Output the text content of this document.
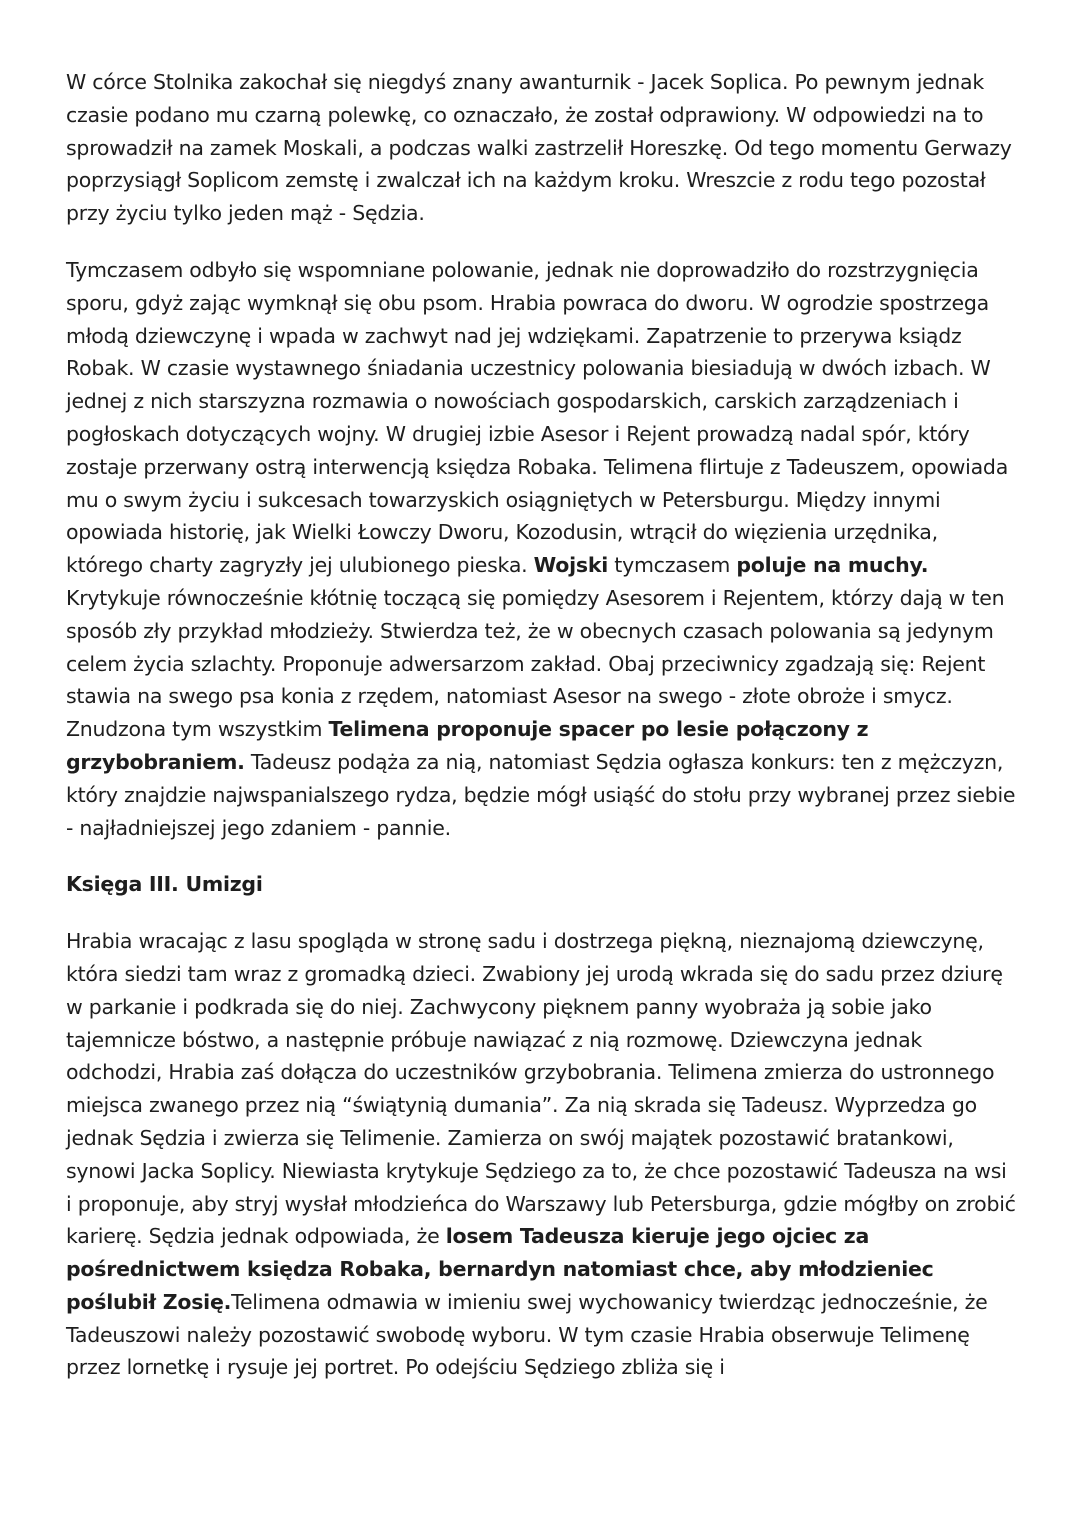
W córce Stolnika zakochał się niegdyś znany awanturnik - Jacek Soplica. Po pewnym jednak czasie podano mu czarną polewkę, co oznaczało, że został odprawiony. W odpowiedzi na to sprowadził na zamek Moskali, a podczas walki zastrzelił Horeszkę. Od tego momentu Gerwazy poprzysiągł Soplicom zemstę i zwalczał ich na każdym kroku. Wreszcie z rodu tego pozostał przy życiu tylko jeden mąż - Sędzia.

Tymczasem odbyło się wspomniane polowanie, jednak nie doprowadziło do rozstrzygnięcia sporu, gdyż zając wymknął się obu psom. Hrabia powraca do dworu. W ogrodzie spostrzega młodą dziewczynę i wpada w zachwyt nad jej wdziękami. Zapatrzenie to przerywa ksiądz Robak. W czasie wystawnego śniadania uczestnicy polowania biesiadują w dwóch izbach. W jednej z nich starszyzna rozmawia o nowościach gospodarskich, carskich zarządzeniach i pogłoskach dotyczących wojny. W drugiej izbie Asesor i Rejent prowadzą nadal spór, który zostaje przerwany ostrą interwencją księdza Robaka. Telimena flirtuje z Tadeuszem, opowiada mu o swym życiu i sukcesach towarzyskich osiągniętych w Petersburgu. Między innymi opowiada historię, jak Wielki Łowczy Dworu, Kozodusin, wtrącił do więzienia urzędnika, którego charty zagryzły jej ulubionego pieska. Wojski tymczasem poluje na muchy. Krytykuje równocześnie kłótnię toczącą się pomiędzy Asesorem i Rejentem, którzy dają w ten sposób zły przykład młodzieży. Stwierdza też, że w obecnych czasach polowania są jedynym celem życia szlachty. Proponuje adwersarzom zakład. Obaj przeciwnicy zgadzają się: Rejent stawia na swego psa konia z rzędem, natomiast Asesor na swego - złote obroże i smycz. Znudzona tym wszystkim Telimena proponuje spacer po lesie połączony z grzybobraniem. Tadeusz podąża za nią, natomiast Sędzia ogłasza konkurs: ten z mężczyzn, który znajdzie najwspanialszego rydza, będzie mógł usiąść do stołu przy wybranej przez siebie - najładniejszej jego zdaniem - pannie.

Księga III. Umizgi

Hrabia wracając z lasu spogląda w stronę sadu i dostrzega piękną, nieznajomą dziewczynę, która siedzi tam wraz z gromadką dzieci. Zwabiony jej urodą wkrada się do sadu przez dziurę w parkanie i podkrada się do niej. Zachwycony pięknem panny wyobraża ją sobie jako tajemnicze bóstwo, a następnie próbuje nawiązać z nią rozmowę. Dziewczyna jednak odchodzi, Hrabia zaś dołącza do uczestników grzybobrania. Telimena zmierza do ustronnego miejsca zwanego przez nią “świątynią dumania”. Za nią skrada się Tadeusz. Wyprzedza go jednak Sędzia i zwierza się Telimenie. Zamierza on swój majątek pozostawić bratankowi, synowi Jacka Soplicy. Niewiasta krytykuje Sędziego za to, że chce pozostawić Tadeusza na wsi i proponuje, aby stryj wysłał młodzieńca do Warszawy lub Petersburga, gdzie mógłby on zrobić karierę. Sędzia jednak odpowiada, że losem Tadeusza kieruje jego ojciec za pośrednictwem księdza Robaka, bernardyn natomiast chce, aby młodzieniec poślubił Zosię.Telimena odmawia w imieniu swej wychowanicy twierdząc jednocześnie, że Tadeuszowi należy pozostawić swobodę wyboru. W tym czasie Hrabia obserwuje Telimenę przez lornetkę i rysuje jej portret. Po odejściu Sędziego zbliża się i
